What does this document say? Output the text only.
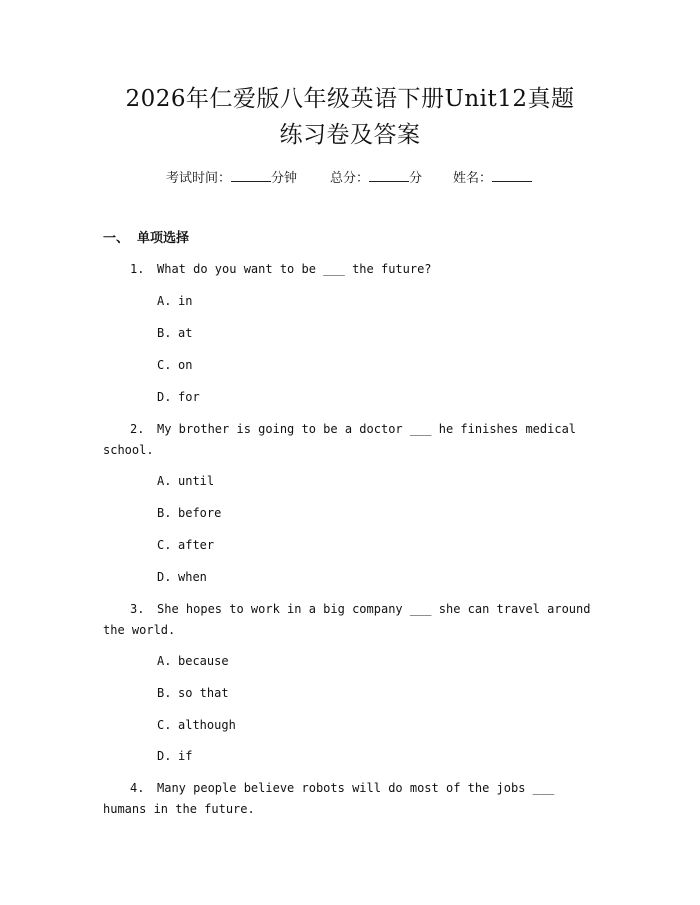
2026年仁爱版八年级英语下册Unit12真题
练习卷及答案
考试时间：	分钟	总分：	分 姓名：
一、 单项选择
1. What do you want to be ___ the future?
A. in
B. at
C. on
D. for
2. My brother is going to be a doctor ___ he finishes medical school.
A. until
B. before
C. after
D. when
3. She hopes to work in a big company ___ she can travel around the world.
A. because
B. so that
C. although
D. if
4. Many people believe robots will do most of the jobs ___ humans in the future.
